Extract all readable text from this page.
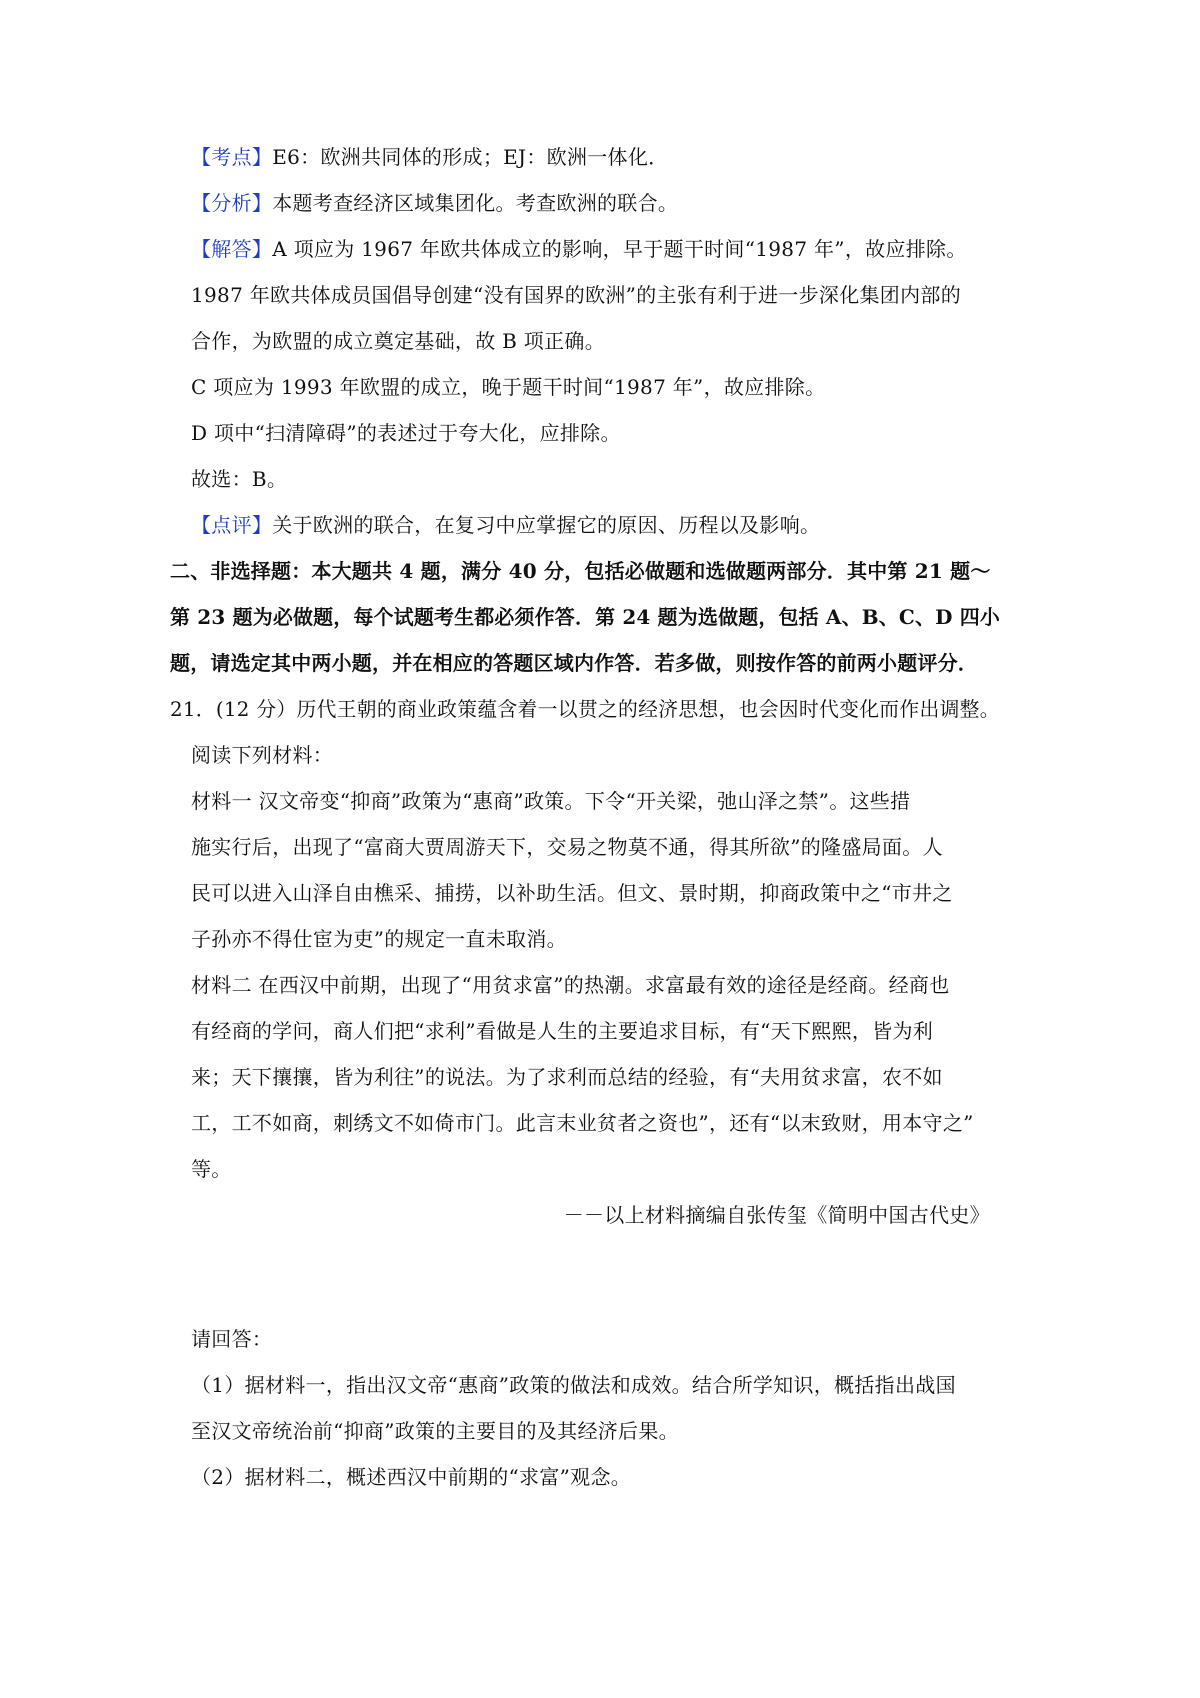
【考点】E6：欧洲共同体的形成；EJ：欧洲一体化．
【分析】本题考查经济区域集团化。考查欧洲的联合。
【解答】A 项应为 1967 年欧共体成立的影响，早于题干时间“1987 年”，故应排除。
1987 年欧共体成员国倡导创建“没有国界的欧洲”的主张有利于进一步深化集团内部的
合作，为欧盟的成立奠定基础，故 B 项正确。
C 项应为 1993 年欧盟的成立，晚于题干时间“1987 年”，故应排除。
D 项中“扫清障碍”的表述过于夸大化，应排除。
故选：B。
【点评】关于欧洲的联合，在复习中应掌握它的原因、历程以及影响。
二、非选择题：本大题共 4 题，满分 40 分，包括必做题和选做题两部分．其中第 21 题～
第 23 题为必做题，每个试题考生都必须作答．第 24 题为选做题，包括 A、B、C、D 四小
题，请选定其中两小题，并在相应的答题区域内作答．若多做，则按作答的前两小题评分．
21．(12 分）历代王朝的商业政策蕴含着一以贯之的经济思想，也会因时代变化而作出调整。
阅读下列材料：
材料一 汉文帝变“抑商”政策为“惠商”政策。下令“开关梁，弛山泽之禁”。这些措
施实行后，出现了“富商大贾周游天下，交易之物莫不通，得其所欲”的隆盛局面。人
民可以进入山泽自由樵采、捕捞，以补助生活。但文、景时期，抑商政策中之“市井之
子孙亦不得仕宦为吏”的规定一直未取消。
材料二 在西汉中前期，出现了“用贫求富”的热潮。求富最有效的途径是经商。经商也
有经商的学问，商人们把“求利”看做是人生的主要追求目标，有“天下熙熙，皆为利
来；天下攘攘，皆为利往”的说法。为了求利而总结的经验，有“夫用贫求富，农不如
工，工不如商，刺绣文不如倚市门。此言末业贫者之资也”，还有“以末致财，用本守之”
等。
－－以上材料摘编自张传玺《简明中国古代史》
请回答：
（1）据材料一，指出汉文帝“惠商”政策的做法和成效。结合所学知识，概括指出战国
至汉文帝统治前“抑商”政策的主要目的及其经济后果。
（2）据材料二，概述西汉中前期的“求富”观念。
